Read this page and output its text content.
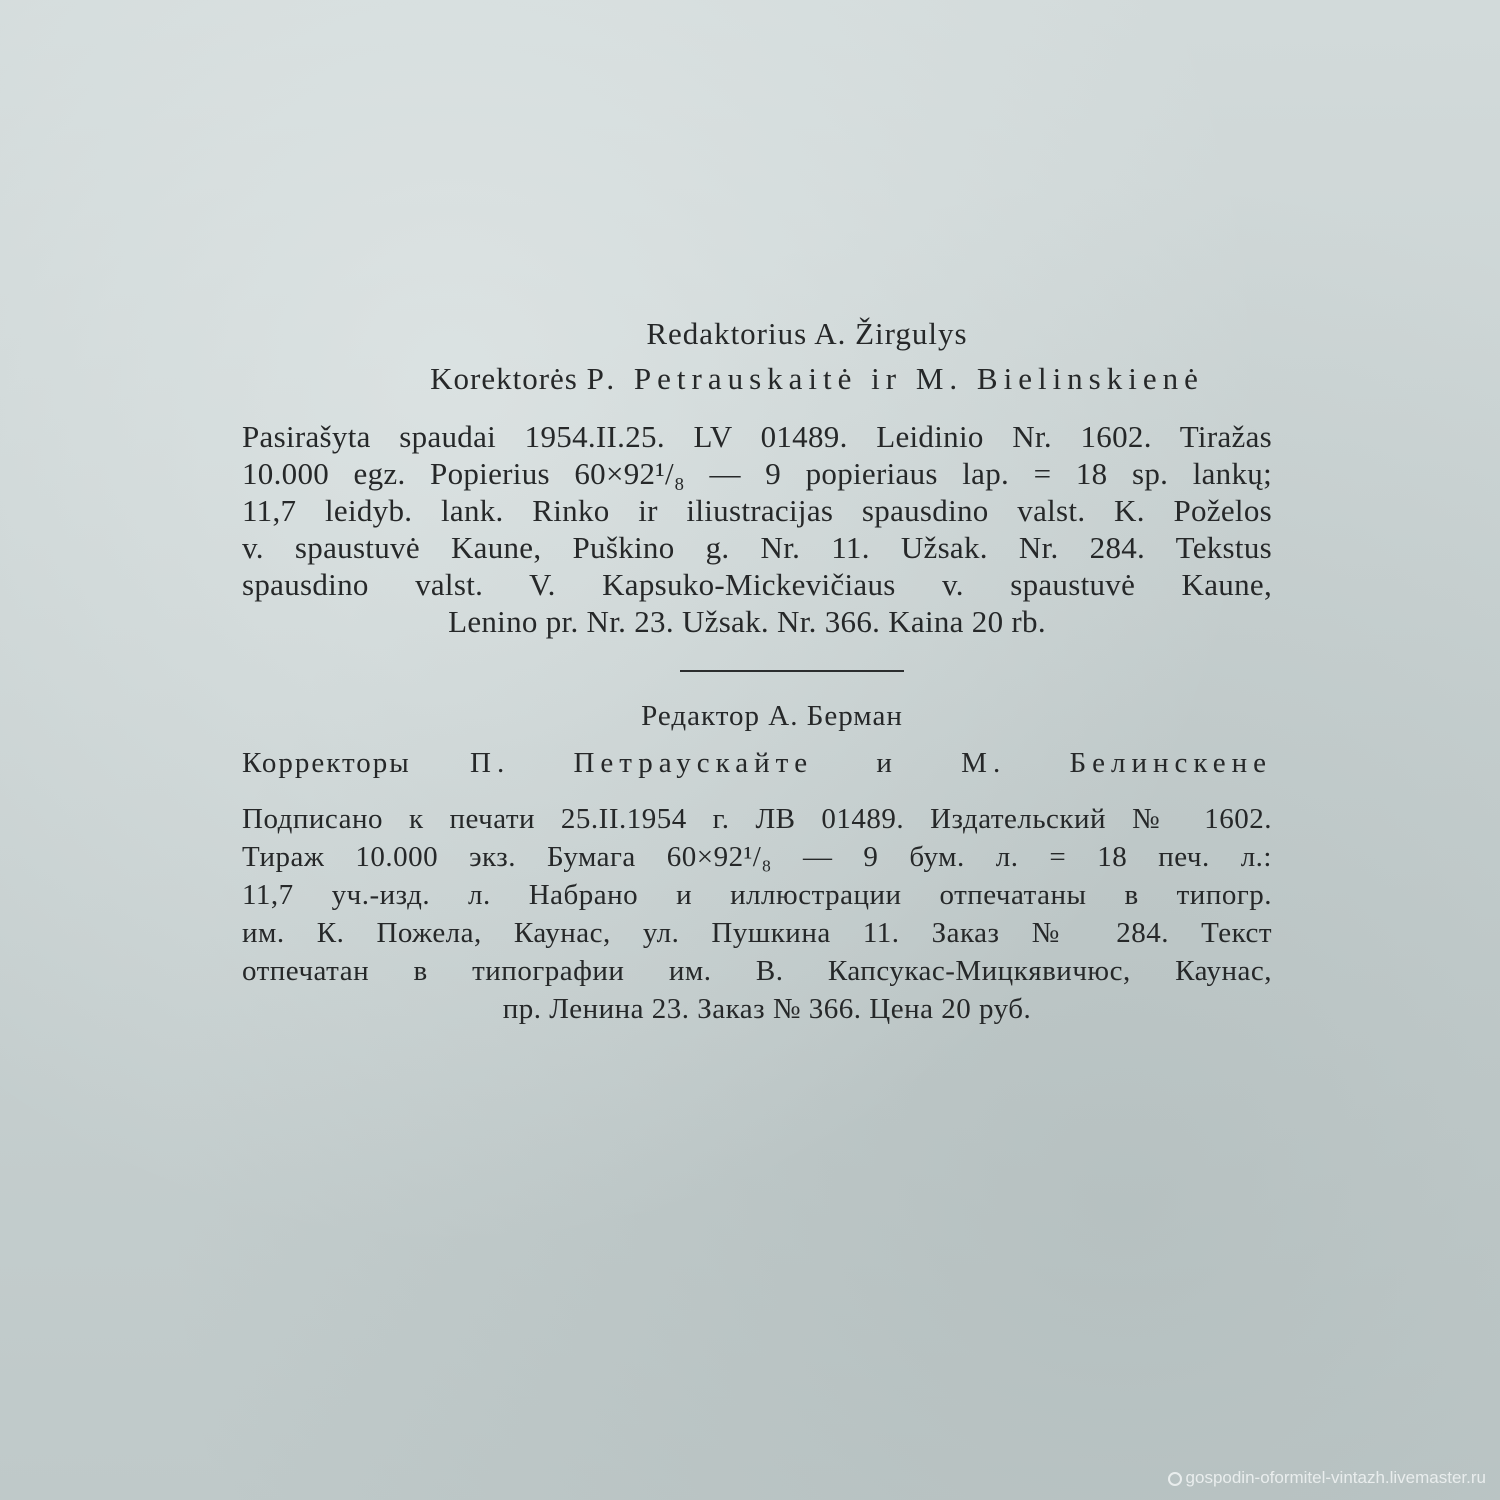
Redaktorius A. Žirgulys
Korektorės P. Petrauskaitė ir M. Bielinskienė
Pasirašyta spaudai 1954.II.25. LV 01489. Leidinio Nr. 1602. Tiražas
10.000 egz. Popierius 60×92¹/₈ — 9 popieriaus lap. = 18 sp. lankų;
11,7 leidyb. lank. Rinko ir iliustracijas spausdino valst. K. Poželos
v. spaustuvė Kaune, Puškino g. Nr. 11. Užsak. Nr. 284. Tekstus
spausdino valst. V. Kapsuko-Mickevičiaus v. spaustuvė Kaune,
Lenino pr. Nr. 23. Užsak. Nr. 366. Kaina 20 rb.
Редактор А. Берман
Корректоры П. Петраускайте и М. Белинскене
Подписано к печати 25.II.1954 г. ЛВ 01489. Издательский № 1602.
Тираж 10.000 экз. Бумага 60×92¹/₈ — 9 бум. л. = 18 печ. л.:
11,7 уч.-изд. л. Набрано и иллюстрации отпечатаны в типогр.
им. К. Пожела, Каунас, ул. Пушкина 11. Заказ № 284. Текст
отпечатан в типографии им. В. Капсукас-Мицкявичюс, Каунас,
пр. Ленина 23. Заказ № 366. Цена 20 руб.
gospodin-oformitel-vintazh.livemaster.ru
